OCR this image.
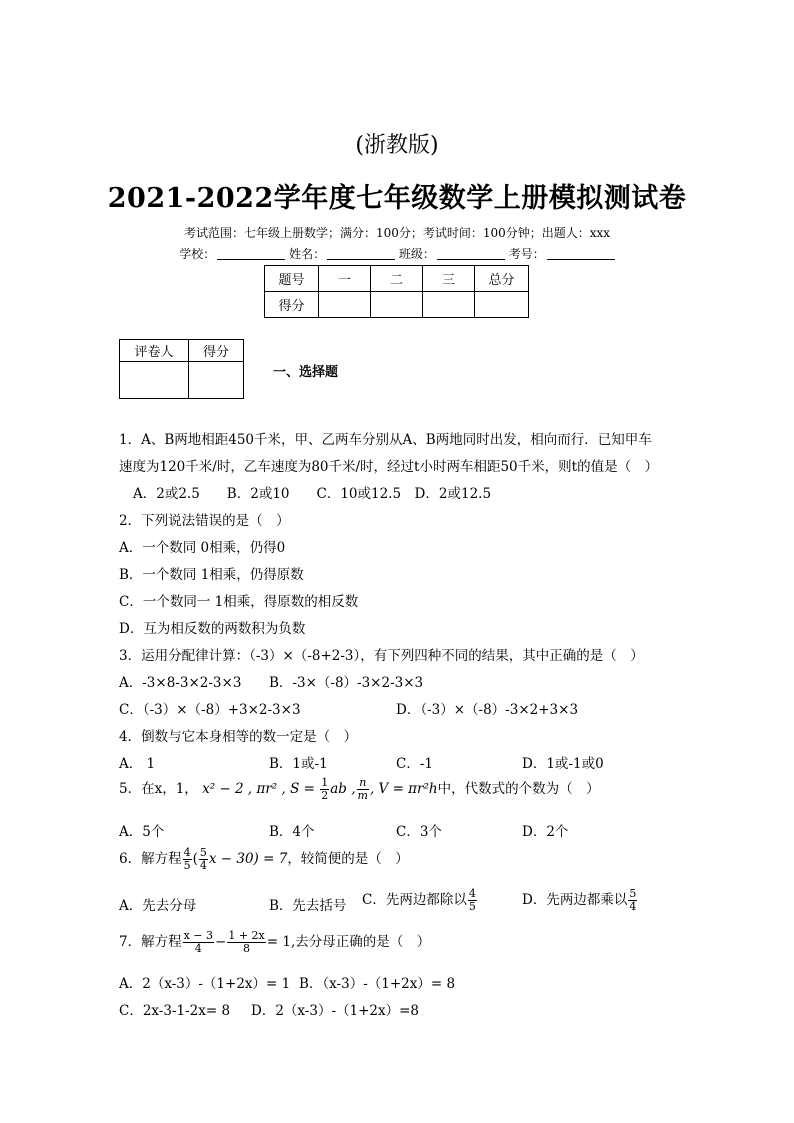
(浙教版)
2021-2022学年度七年级数学上册模拟测试卷
考试范围：七年级上册数学；满分：100分；考试时间：100分钟；出题人：xxx
学校：	姓名：	班级：	考号：
题号	一	二	三	总分
得分				
评卷人	得分

一、选择题
1．A、B两地相距450千米，甲、乙两车分别从A、B两地同时出发，相向而行．已知甲车
速度为120千米/时，乙车速度为80千米/时，经过t小时两车相距50千米，则t的值是（　）
A．2或2.5　　B．2或10　　C．10或12.5　D．2或12.5
2．下列说法错误的是（　）
A．一个数同 0相乘，仍得0
B．一个数同 1相乘，仍得原数
C．一个数同一 1相乘，得原数的相反数
D．互为相反数的两数积为负数
3．运用分配律计算：（-3）×（-8+2-3），有下列四种不同的结果，其中正确的是（　）
A．-3×8-3×2-3×3 B．-3×（-8）-3×2-3×3
C．（-3）×（-8）+3×2-3×3	D．（-3）×（-8）-3×2+3×3
4．倒数与它本身相等的数一定是（　）
A． 1	B．1或-1	C．-1	D．1或-1或0
5．在x，1， x² − 2 , πr² , $S = \frac{1}{2}$ ab , $\frac{n}{m}$ , V = πr²h中，代数式的个数为（　）
A．5个	B．4个	C．3个	D．2个
6．解方程 $\frac{4}{5}$ ( $\frac{5}{4}$ x − 30) = 7，较简便的是（　）
A．先去分母	B．先去括号 C．先两边都除以 $\frac{4}{5}$	D．先两边都乘以 $\frac{5}{4}$
7．解方程 $\frac{x - 3}{4} - \frac{1 + 2x}{8} = 1$,去分母正确的是（　）
A．2（x-3）-（1+2x）= 1 B．（x-3）-（1+2x）= 8
C．2x-3-1-2x= 8 D．2（x-3）-（1+2x）=8
